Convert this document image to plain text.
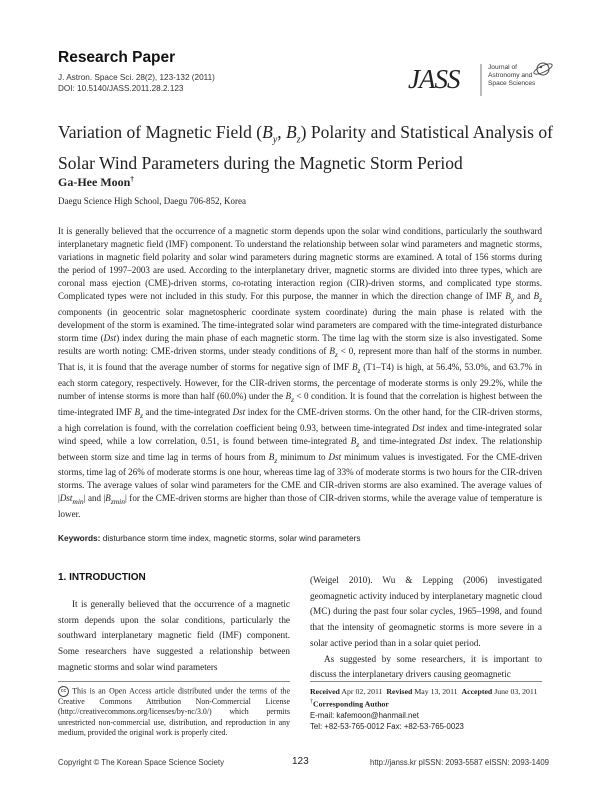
Research Paper
J. Astron. Space Sci. 28(2), 123-132 (2011)
DOI: 10.5140/JASS.2011.28.2.123	JASS	Journal of
Astronomy and
Space Sciences
Variation of Magnetic Field ($B_y$, $B_z$) Polarity and Statistical Analysis of
Solar Wind Parameters during the Magnetic Storm Period
Ga-Hee Moon†
Daegu Science High School, Daegu 706-852, Korea
It is generally believed that the occurrence of a magnetic storm depends upon the solar wind conditions, particularly the southward interplanetary magnetic field (IMF) component. To understand the relationship between solar wind parameters and magnetic storms, variations in magnetic field polarity and solar wind parameters during magnetic storms are examined. A total of 156 storms during the period of 1997–2003 are used. According to the interplanetary driver, magnetic storms are divided into three types, which are coronal mass ejection (CME)-driven storms, co-rotating interaction region (CIR)-driven storms, and complicated type storms. Complicated types were not included in this study. For this purpose, the manner in which the direction change of IMF $B_y$ and $B_z$ components (in geocentric solar magnetospheric coordinate system coordinate) during the main phase is related with the development of the storm is examined. The time-integrated solar wind parameters are compared with the time-integrated disturbance storm time (Dst) index during the main phase of each magnetic storm. The time lag with the storm size is also investigated. Some results are worth noting: CME-driven storms, under steady conditions of $B_z < 0$, represent more than half of the storms in number. That is, it is found that the average number of storms for negative sign of IMF $B_z$ (T1–T4) is high, at 56.4%, 53.0%, and 63.7% in each storm category, respectively. However, for the CIR-driven storms, the percentage of moderate storms is only 29.2%, while the number of intense storms is more than half (60.0%) under the $B_z < 0$ condition. It is found that the correlation is highest between the time-integrated IMF $B_z$ and the time-integrated Dst index for the CME-driven storms. On the other hand, for the CIR-driven storms, a high correlation is found, with the correlation coefficient being 0.93, between time-integrated Dst index and time-integrated solar wind speed, while a low correlation, 0.51, is found between time-integrated $B_z$ and time-integrated Dst index. The relationship between storm size and time lag in terms of hours from $B_z$ minimum to Dst minimum values is investigated. For the CME-driven storms, time lag of 26% of moderate storms is one hour, whereas time lag of 33% of moderate storms is two hours for the CIR-driven storms. The average values of solar wind parameters for the CME and CIR-driven storms are also examined. The average values of |Dst$_{min}$| and $|B_{zmin}|$ for the CME-driven storms are higher than those of CIR-driven storms, while the average value of temperature is lower.
Keywords: disturbance storm time index, magnetic storms, solar wind parameters
1. INTRODUCTION
It is generally believed that the occurrence of a magnetic storm depends upon the solar conditions, particularly the southward interplanetary magnetic field (IMF) component. Some researchers have suggested a relationship between magnetic storms and solar wind parameters
(Weigel 2010). Wu & Lepping (2006) investigated geomagnetic activity induced by interplanetary magnetic cloud (MC) during the past four solar cycles, 1965–1998, and found that the intensity of geomagnetic storms is more severe in a solar active period than in a solar quiet period.
As suggested by some researchers, it is important to discuss the interplanetary drivers causing geomagnetic
cc This is an Open Access article distributed under the terms of the Creative Commons Attribution Non-Commercial License (http://creativecommons.org/licenses/by-nc/3.0/) which permits unrestricted non-commercial use, distribution, and reproduction in any medium, provided the original work is properly cited.
Received Apr 02, 2011 Revised May 13, 2011 Accepted June 03, 2011
†Corresponding Author
E-mail: kafemoon@hanmail.net
Tel: +82-53-765-0012 Fax: +82-53-765-0023
Copyright © The Korean Space Science Society	123	http://janss.kr pISSN: 2093-5587 eISSN: 2093-1409
